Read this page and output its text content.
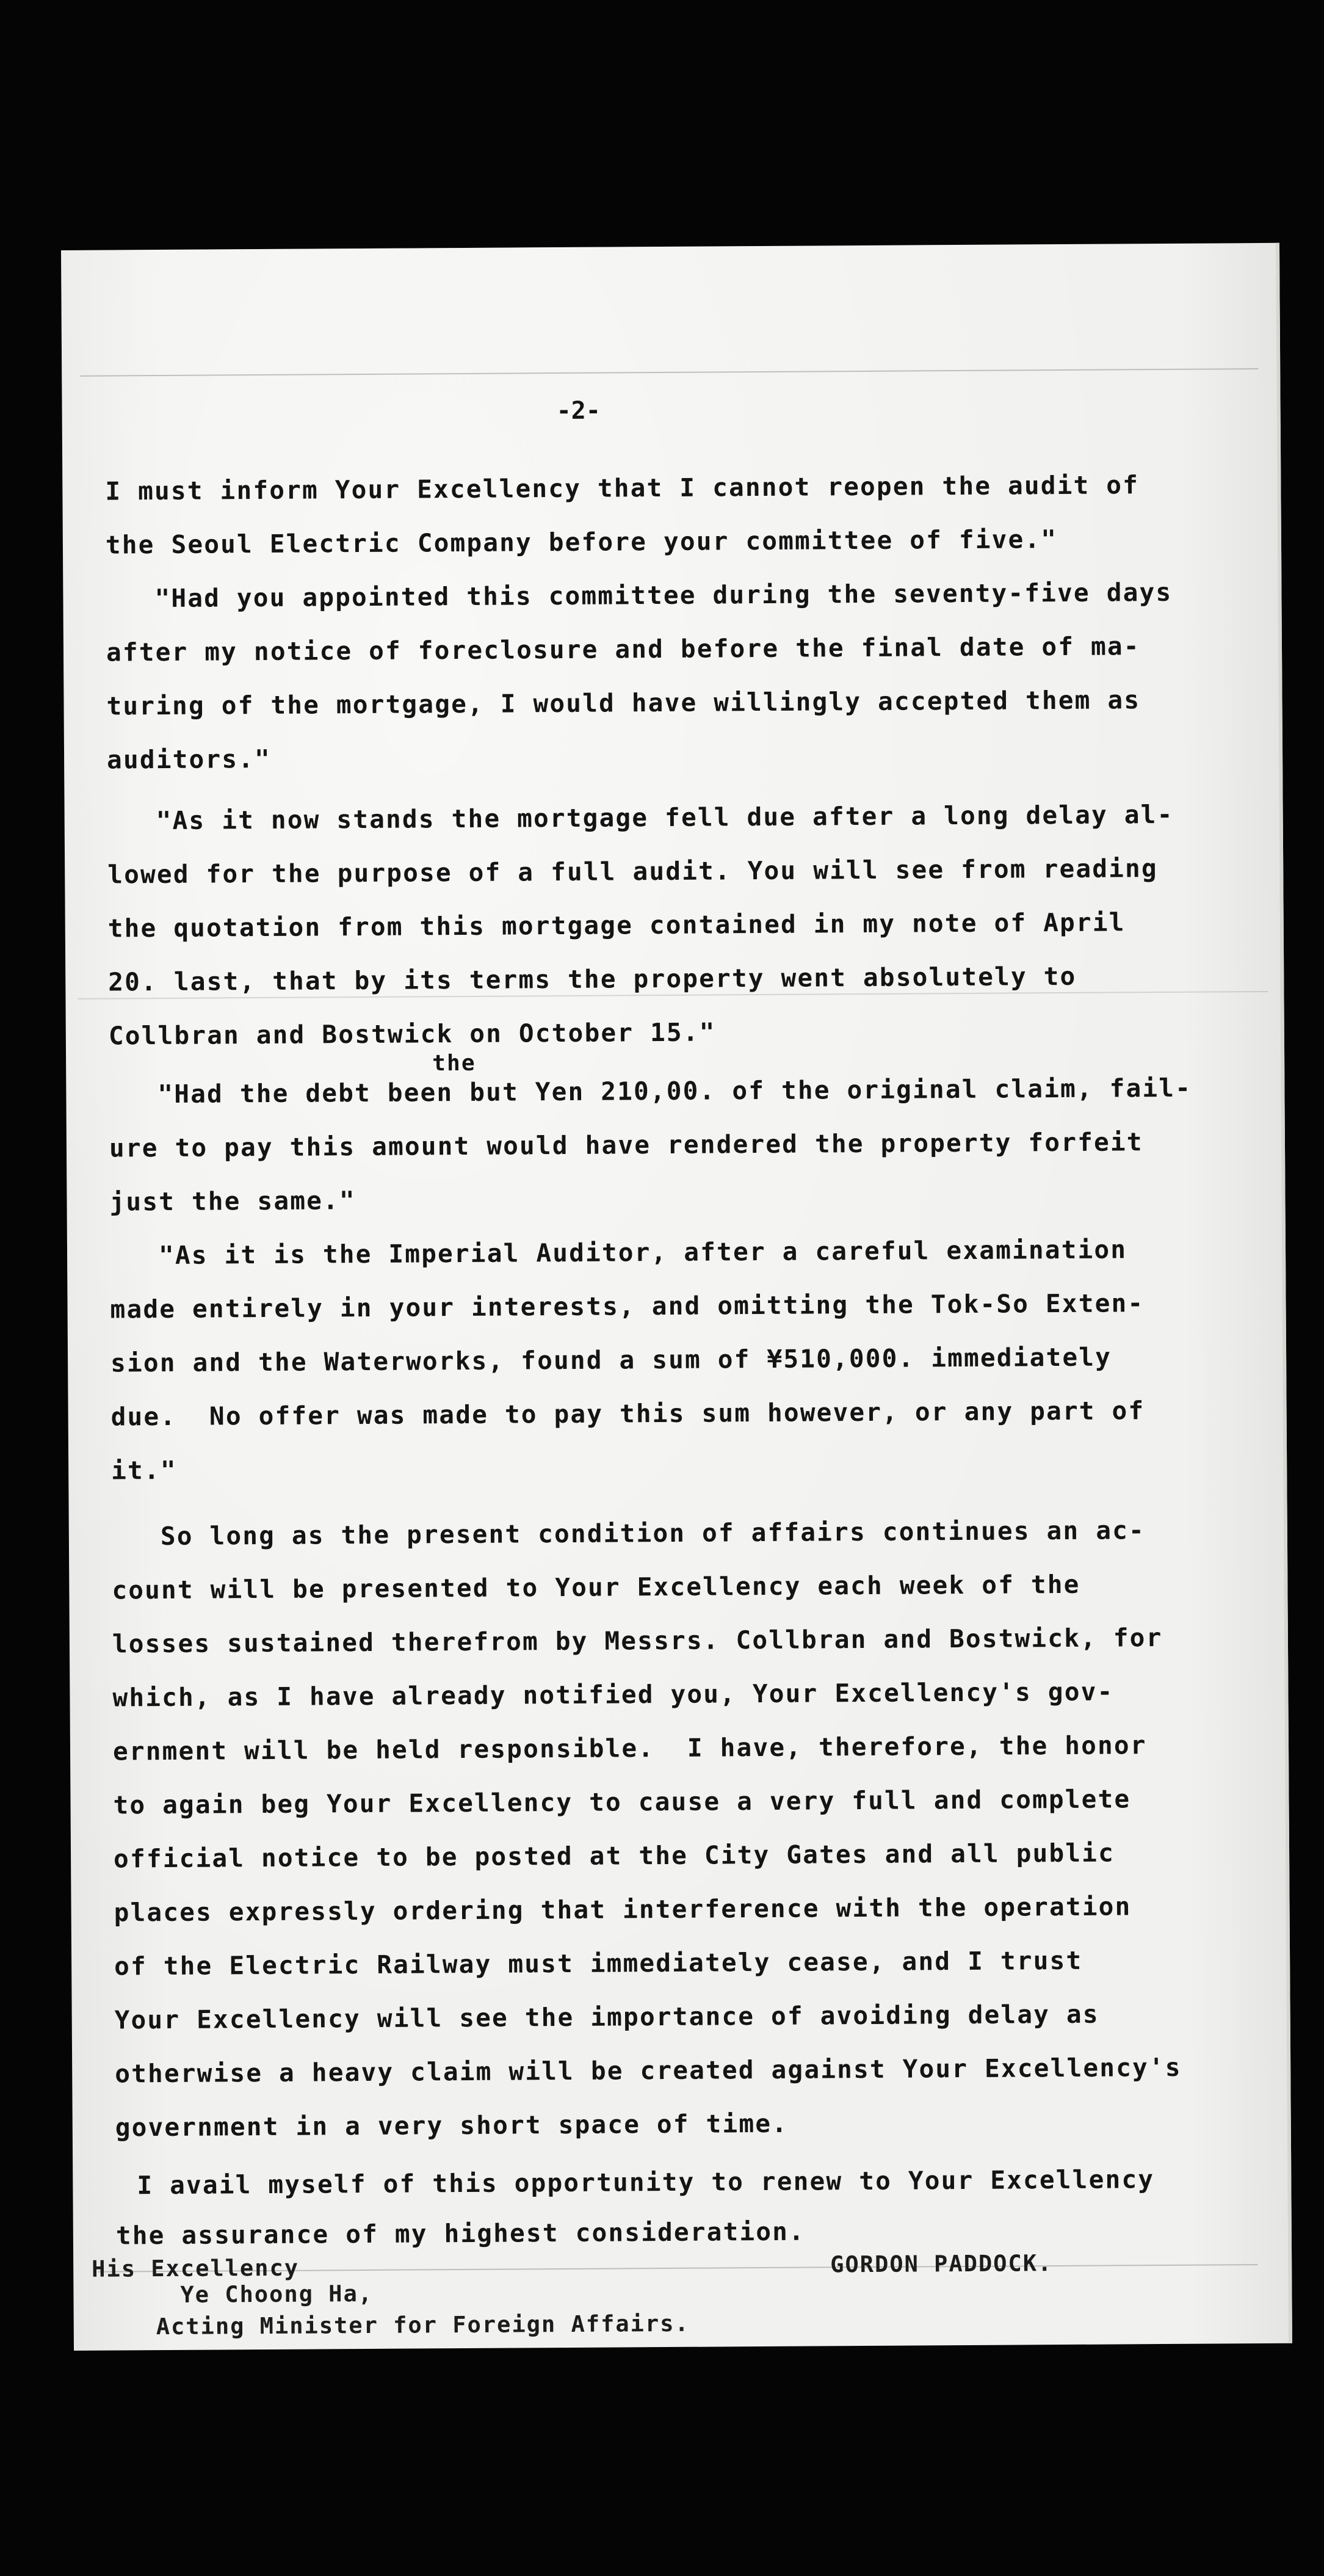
-2-
I must inform Your Excellency that I cannot reopen the audit of
the Seoul Electric Company before your committee of five."
"Had you appointed this committee during the seventy-five days
after my notice of foreclosure and before the final date of ma-
turing of the mortgage, I would have willingly accepted them as
auditors."
"As it now stands the mortgage fell due after a long delay al-
lowed for the purpose of a full audit. You will see from reading
the quotation from this mortgage contained in my note of April
20. last, that by its terms the property went absolutely to
Collbran and Bostwick on October 15."
the
"Had the debt been but Yen 210,00. of the original claim, fail-
ure to pay this amount would have rendered the property forfeit
just the same."
"As it is the Imperial Auditor, after a careful examination
made entirely in your interests, and omitting the Tok-So Exten-
sion and the Waterworks, found a sum of ¥510,000. immediately
due.  No offer was made to pay this sum however, or any part of
it."
So long as the present condition of affairs continues an ac-
count will be presented to Your Excellency each week of the
losses sustained therefrom by Messrs. Collbran and Bostwick, for
which, as I have already notified you, Your Excellency's gov-
ernment will be held responsible.  I have, therefore, the honor
to again beg Your Excellency to cause a very full and complete
official notice to be posted at the City Gates and all public
places expressly ordering that interference with the operation
of the Electric Railway must immediately cease, and I trust
Your Excellency will see the importance of avoiding delay as
otherwise a heavy claim will be created against Your Excellency's
government in a very short space of time.
I avail myself of this opportunity to renew to Your Excellency
the assurance of my highest consideration.
GORDON PADDOCK.
His Excellency
Ye Choong Ha,
Acting Minister for Foreign Affairs.
